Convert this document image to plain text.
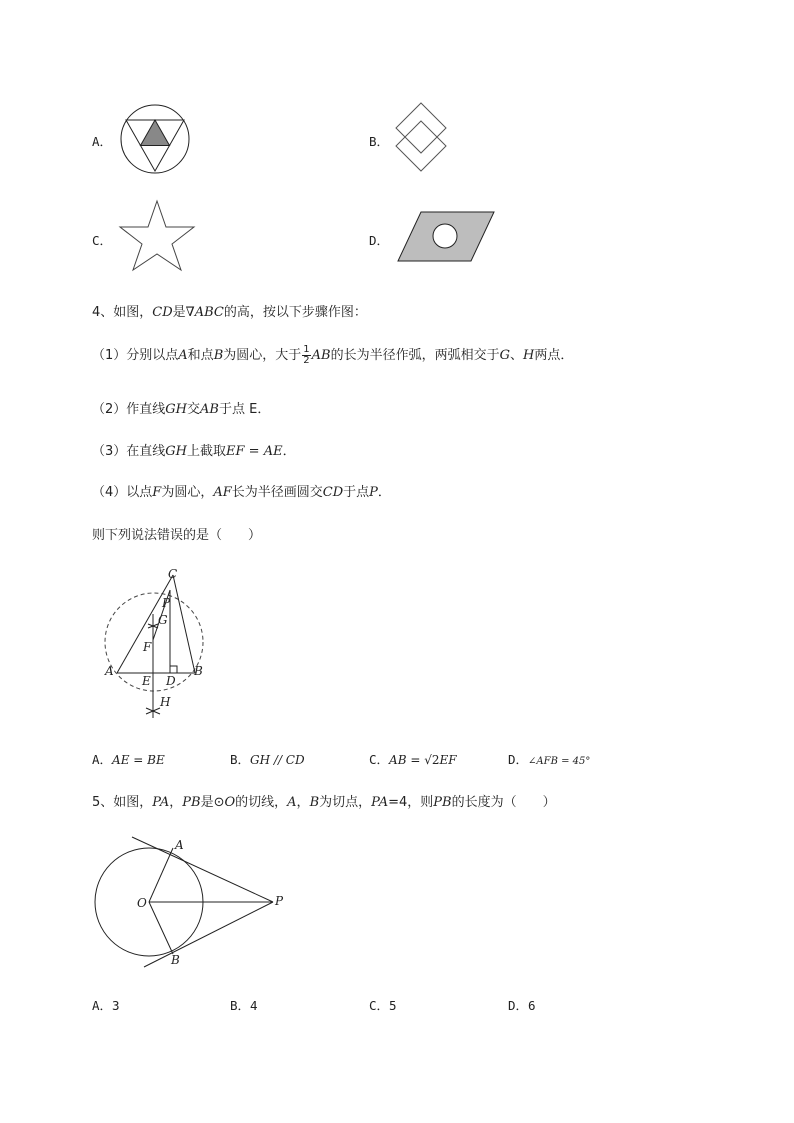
A．	B．
C．	D．
4、如图，CD是∇ABC的高，按以下步骤作图：
（1）分别以点A和点B为圆心，大于 $\frac{1}{2}$ AB的长为半径作弧，两弧相交于G、H两点．
（2）作直线GH交AB于点 E．
（3）在直线GH上截取EF = AE．
（4）以点F为圆心，AF长为半径画圆交CD于点P．
则下列说法错误的是（　　）
C
P
G
F
A
E D
B
H
A．AE = BE	B．GH // CD	C．AB = √2EF	D．∠AFB = 45°
5、如图，PA，PB是⊙O的切线，A，B为切点，PA=4，则PB的长度为（　　）
A
O	P
B
A．3	B．4	C．5	D．6
